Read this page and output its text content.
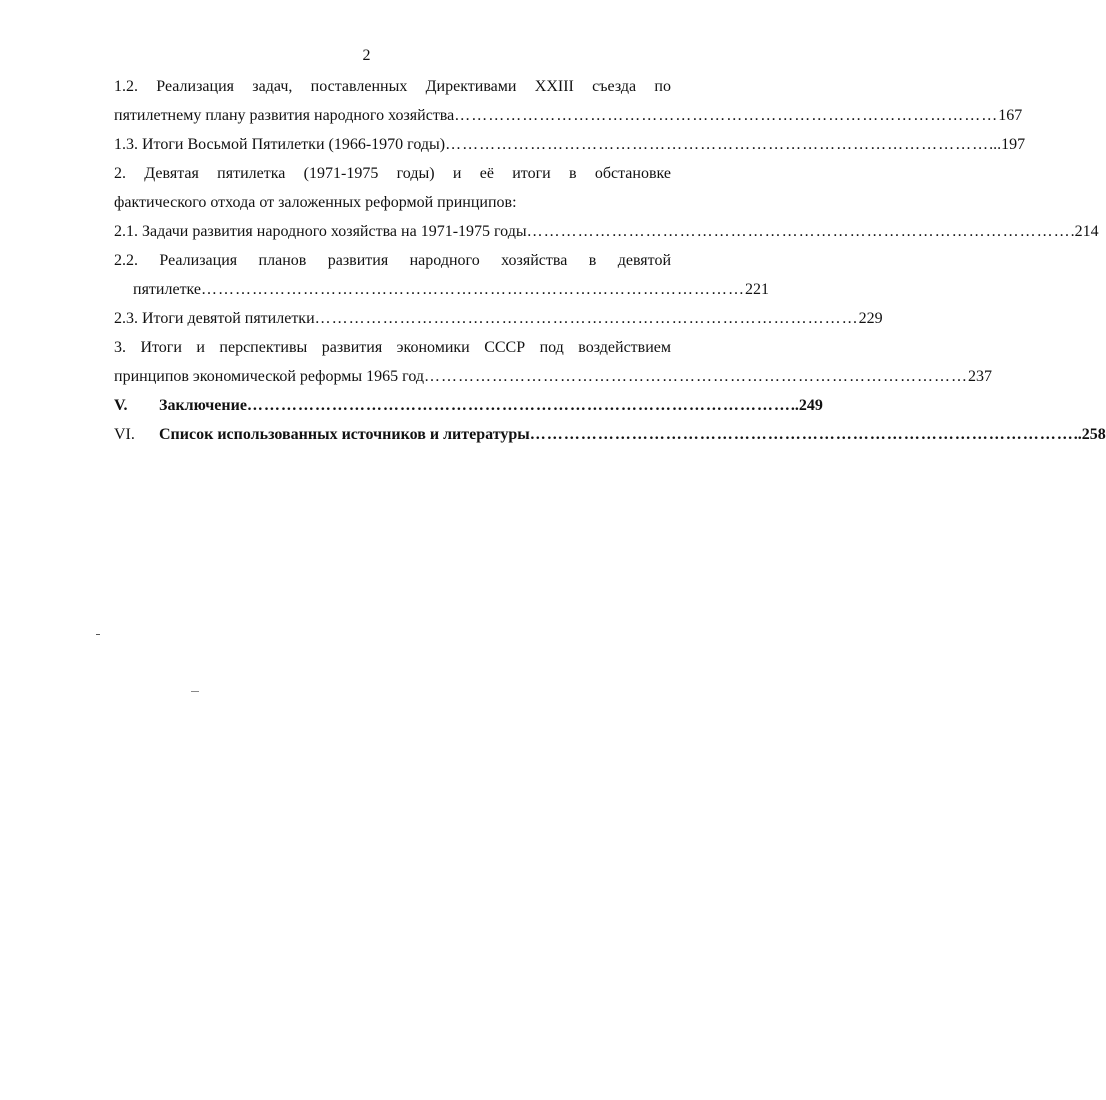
2
1.2. Реализация задач, поставленных Директивами XXIII съезда по
пятилетнему плану развития народного хозяйства …………………………………………………………………………………… 167
1.3. Итоги Восьмой Пятилетки (1966-1970 годы) …………………………………………………………………………………… ...197
2. Девятая пятилетка (1971-1975 годы) и её итоги в обстановке
фактического отхода от заложенных реформой принципов:
2.1. Задачи развития народного хозяйства на 1971-1975 годы …………………………………………………………………………………… .214
2.2. Реализация планов развития народного хозяйства в девятой
пятилетке …………………………………………………………………………………… 221
2.3. Итоги девятой пятилетки …………………………………………………………………………………… 229
3. Итоги и перспективы развития экономики СССР под воздействием
принципов экономической реформы 1965 год …………………………………………………………………………………… 237
V. Заключение …………………………………………………………………………………… ..249
VI. Список использованных источников и литературы …………………………………………………………………………………… ..258
